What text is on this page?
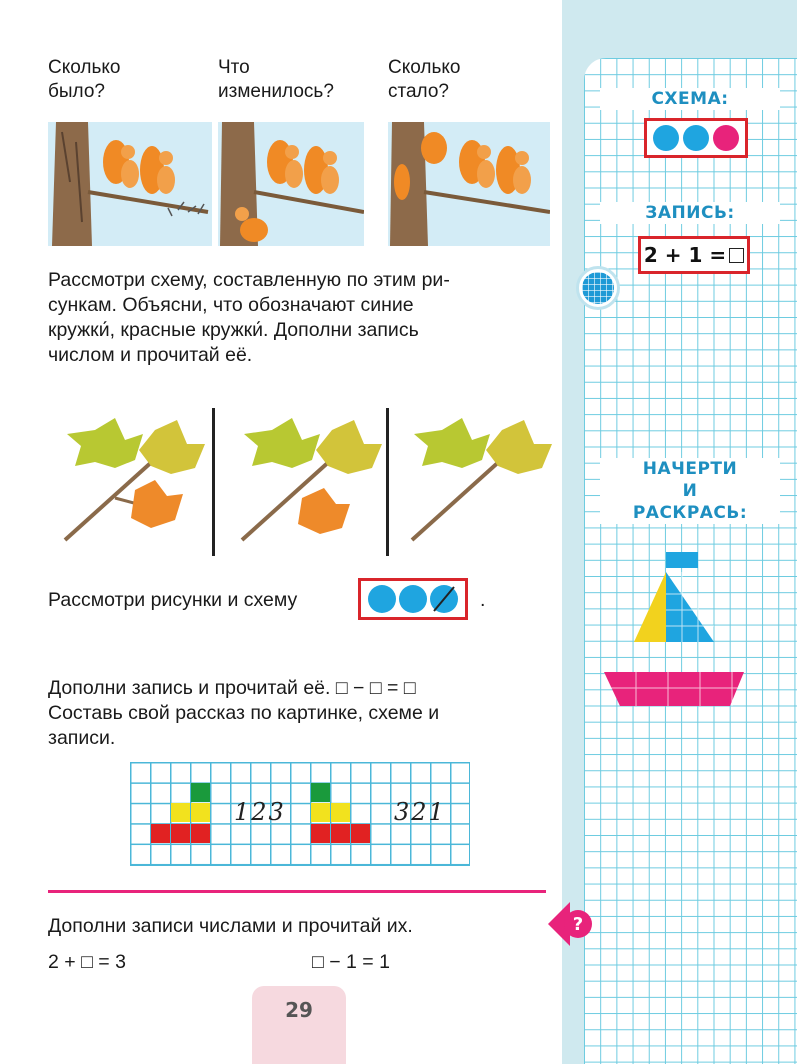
СХЕМА:
ЗАПИСЬ:
2 + 1 =
НАЧЕРТИ
И
РАСКРАСЬ:
Сколько
было?
Что
изменилось?
Сколько
стало?
Рассмотри схему, составленную по этим ри-
сункам. Объясни, что обозначают синие
кружки́, красные кружки́. Дополни запись
числом и прочитай её.
Рассмотри рисунки и схему	.
Дополни запись и прочитай её. □ − □ = □
Составь свой рассказ по картинке, схеме и
записи.
123	321
Дополни записи числами и прочитай их.
2 + □ = 3	□ − 1 = 1
?
29
